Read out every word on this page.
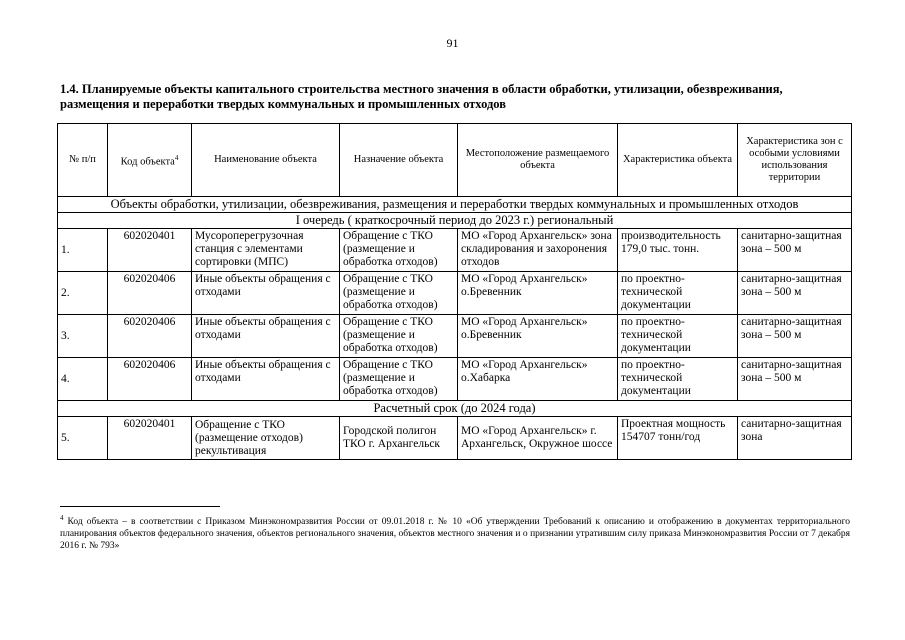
91
1.4. Планируемые объекты капитального строительства местного значения в области обработки, утилизации, обезвреживания, размещения и переработки твердых коммунальных и промышленных отходов
№ п/п	Код объекта$^4$	Наименование объекта	Назначение объекта	Местоположение размещаемого объекта	Характеристика объекта	Характеристика зон с особыми условиями использования территории
Объекты обработки, утилизации, обезвреживания, размещения и переработки твердых коммунальных и промышленных отходов						
I очередь ( краткосрочный период до 2023 г.) региональный						
1.	602020401	Мусороперегрузочная станция с элементами сортировки (МПС)	Обращение с ТКО (размещение и обработка отходов)	МО «Город Архангельск» зона складирования и захоронения отходов	производительность 179,0 тыс. тонн.	санитарно-защитная зона – 500 м
2.	602020406	Иные объекты обращения с отходами	Обращение с ТКО (размещение и обработка отходов)	МО «Город Архангельск» о.Бревенник	по проектно-технической документации	санитарно-защитная зона – 500 м
3.	602020406	Иные объекты обращения с отходами	Обращение с ТКО (размещение и обработка отходов)	МО «Город Архангельск» о.Бревенник	по проектно-технической документации	санитарно-защитная зона – 500 м
4.	602020406	Иные объекты обращения с отходами	Обращение с ТКО (размещение и обработка отходов)	МО «Город Архангельск» о.Хабарка	по проектно-технической документации	санитарно-защитная зона – 500 м
Расчетный срок (до 2024 года)						
5.	602020401	Обращение с ТКО (размещение отходов) рекультивация	Городской полигон ТКО г. Архангельск	МО «Город Архангельск» г. Архангельск, Окружное шоссе	Проектная мощность 154707 тонн/год	санитарно-защитная зона
$^4$ Код объекта – в соответствии с Приказом Минэкономразвития России от 09.01.2018 г. № 10 «Об утверждении Требований к описанию и отображению в документах территориального планирования объектов федерального значения, объектов регионального значения, объектов местного значения и о признании утратившим силу приказа Минэкономразвития России от 7 декабря 2016 г. № 793»
